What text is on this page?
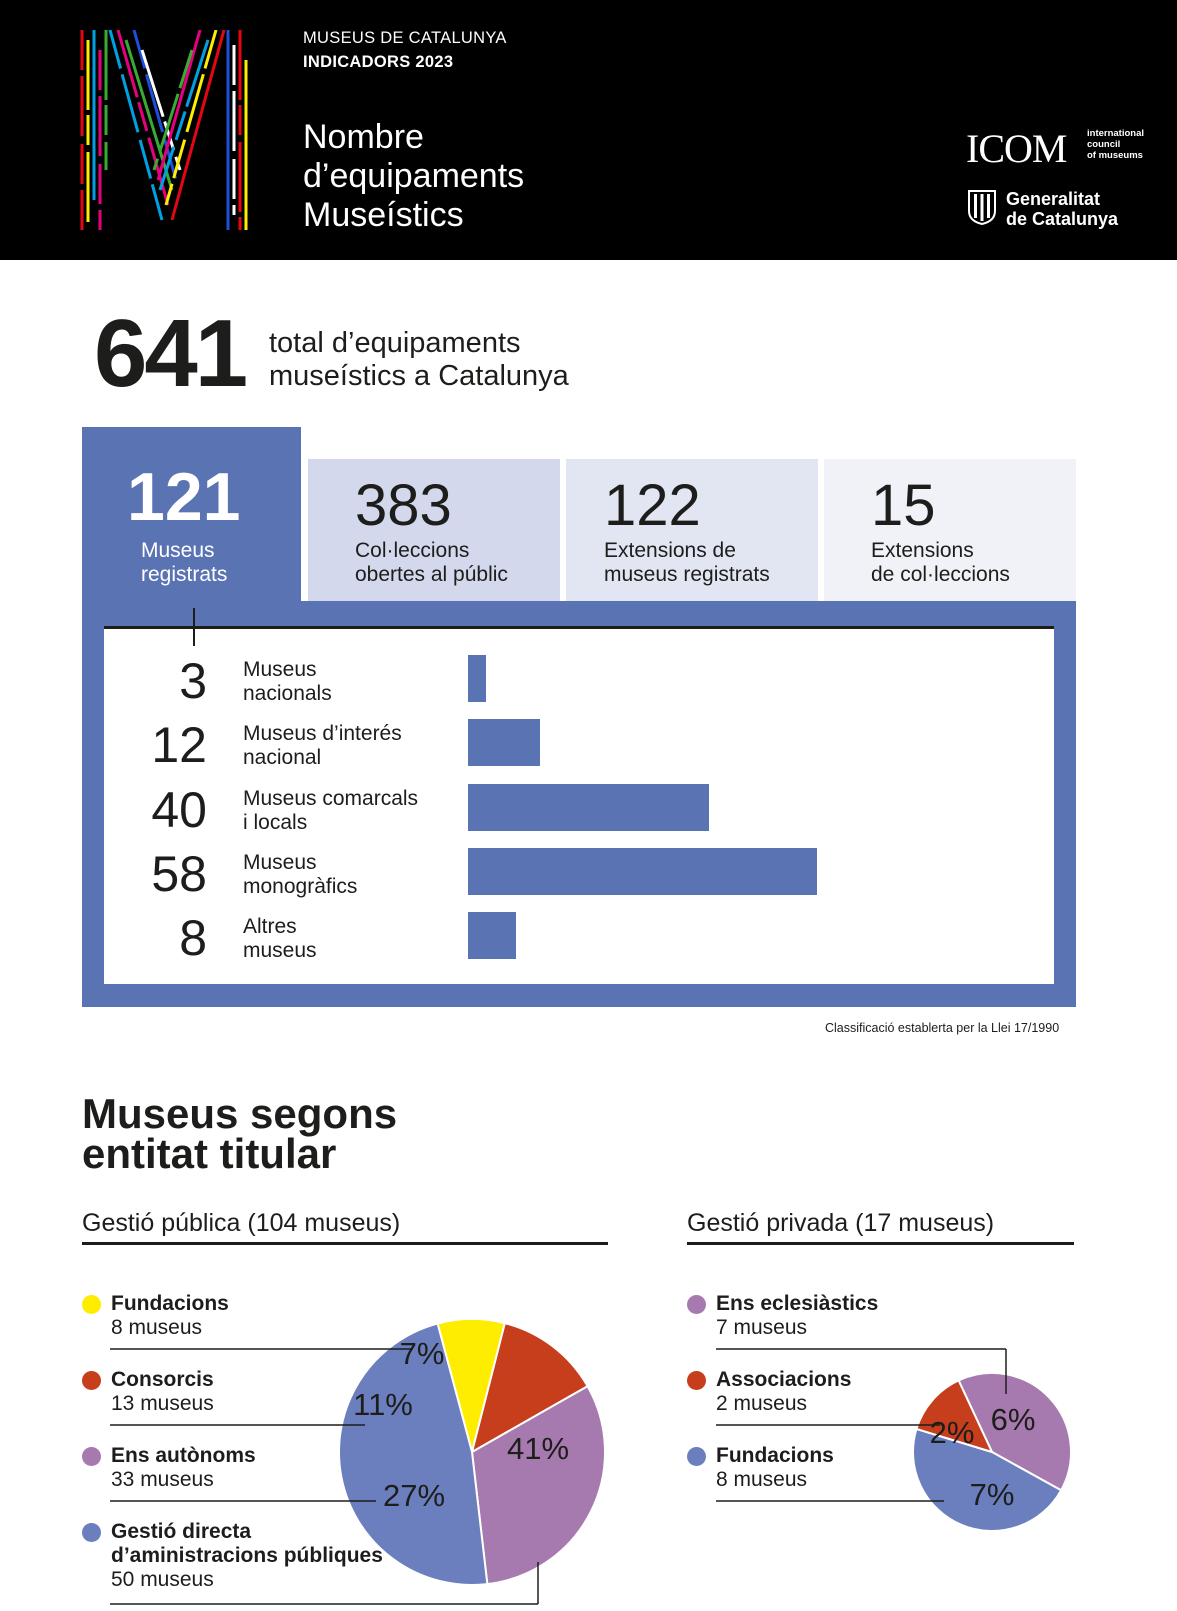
MUSEUS DE CATALUNYA
INDICADORS 2023
Nombre
d’equipaments
Museístics
ICOM international
council
of museums
Generalitat
de Catalunya
641 total d’equipaments museístics a Catalunya
121
Museus
registrats
383
Col·leccions
obertes al públic
122
Extensions de
museus registrats
15
Extensions
de col·leccions
3 Museus
nacionals
12 Museus d’interés
nacional
40 Museus comarcals
i locals
58 Museus
monogràfics
8 Altres
museus
Classificació establerta per la Llei 17/1990
Museus segons entitat titular
Gestió pública (104 museus)	Gestió privada (17 museus)
7%
11%
27%
41%
6%
7%
2%
Fundacions
8 museus
Consorcis
13 museus
Ens autònoms
33 museus
Gestió directa
d’aministracions públiques
50 museus
Ens eclesiàstics
7 museus
Associacions
2 museus
Fundacions
8 museus
